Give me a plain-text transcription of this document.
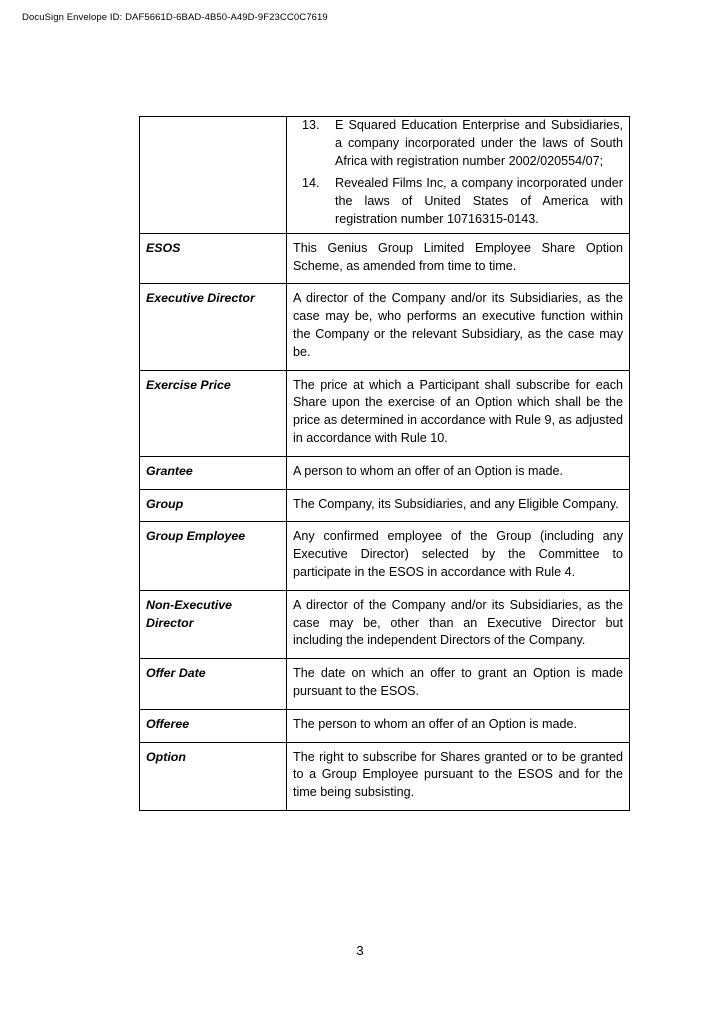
DocuSign Envelope ID: DAF5661D-6BAD-4B50-A49D-9F23CC0C7619

	13. E Squared Education Enterprise and Subsidiaries, a company incorporated under the laws of South Africa with registration number 2002/020554/07;
14. Revealed Films Inc, a company incorporated under the laws of United States of America with registration number 10716315-0143.

ESOS	This Genius Group Limited Employee Share Option Scheme, as amended from time to time.
Executive Director	A director of the Company and/or its Subsidiaries, as the case may be, who performs an executive function within the Company or the relevant Subsidiary, as the case may be.
Exercise Price	The price at which a Participant shall subscribe for each Share upon the exercise of an Option which shall be the price as determined in accordance with Rule 9, as adjusted in accordance with Rule 10.
Grantee	A person to whom an offer of an Option is made.
Group	The Company, its Subsidiaries, and any Eligible Company.
Group Employee	Any confirmed employee of the Group (including any Executive Director) selected by the Committee to participate in the ESOS in accordance with Rule 4.
Non-Executive Director	A director of the Company and/or its Subsidiaries, as the case may be, other than an Executive Director but including the independent Directors of the Company.
Offer Date	The date on which an offer to grant an Option is made pursuant to the ESOS.
Offeree	The person to whom an offer of an Option is made.
Option	The right to subscribe for Shares granted or to be granted to a Group Employee pursuant to the ESOS and for the time being subsisting.
3
